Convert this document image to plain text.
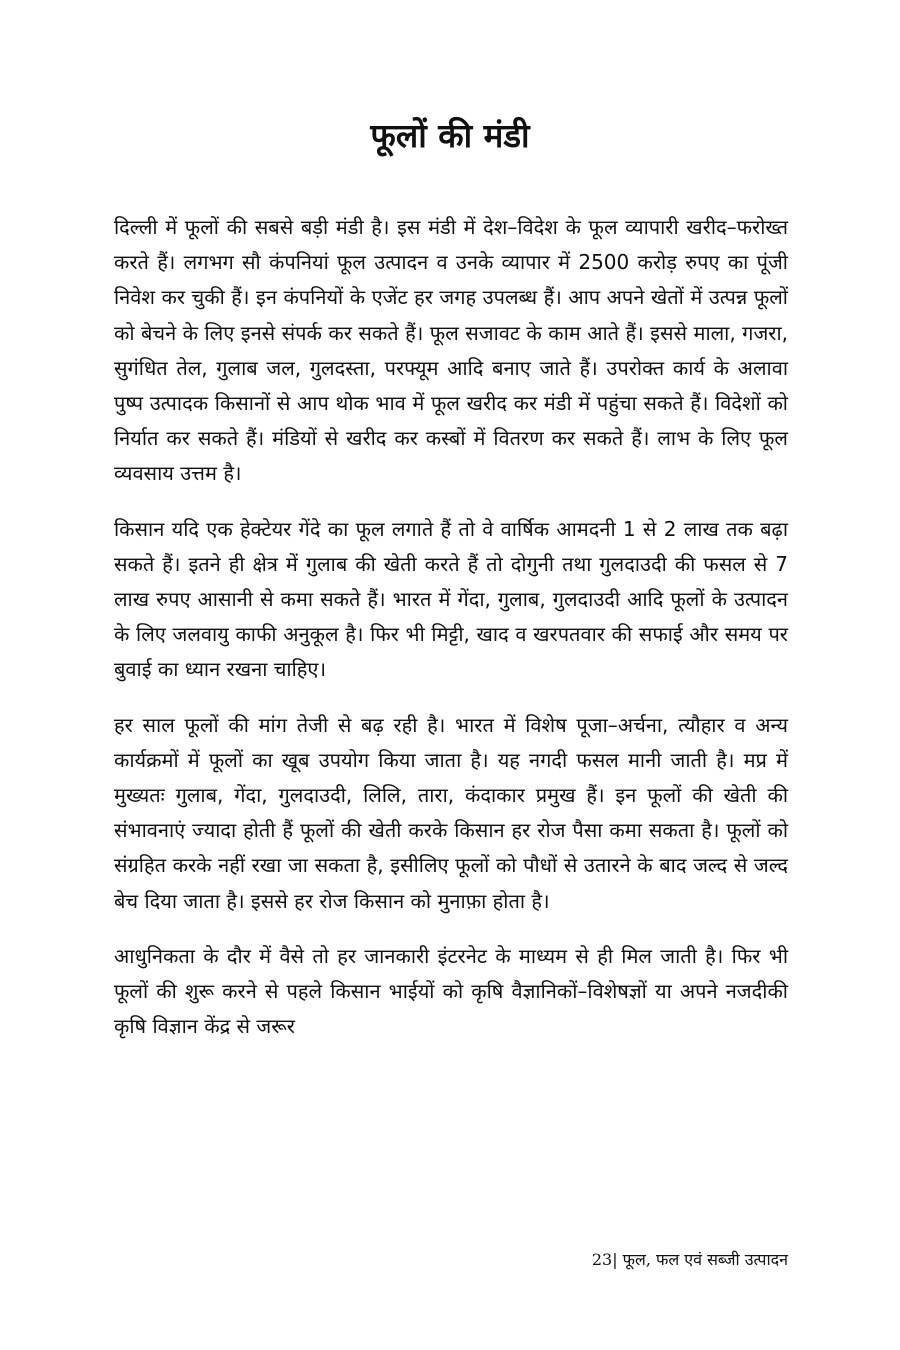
फूलों की मंडी

दिल्ली में फूलों की सबसे बड़ी मंडी है। इस मंडी में देश–विदेश के फूल व्यापारी खरीद–फरोख्त करते हैं। लगभग सौ कंपनियां फूल उत्पादन व उनके व्यापार में 2500 करोड़ रुपए का पूंजी निवेश कर चुकी हैं। इन कंपनियों के एजेंट हर जगह उपलब्ध हैं। आप अपने खेतों में उत्पन्न फूलों को बेचने के लिए इनसे संपर्क कर सकते हैं। फूल सजावट के काम आते हैं। इससे माला, गजरा, सुगंधित तेल, गुलाब जल, गुलदस्ता, परफ्यूम आदि बनाए जाते हैं। उपरोक्त कार्य के अलावा पुष्प उत्पादक किसानों से आप थोक भाव में फूल खरीद कर मंडी में पहुंचा सकते हैं। विदेशों को निर्यात कर सकते हैं। मंडियों से खरीद कर कस्बों में वितरण कर सकते हैं। लाभ के लिए फूल व्यवसाय उत्तम है।

किसान यदि एक हेक्टेयर गेंदे का फूल लगाते हैं तो वे वार्षिक आमदनी 1 से 2 लाख तक बढ़ा सकते हैं। इतने ही क्षेत्र में गुलाब की खेती करते हैं तो दोगुनी तथा गुलदाउदी की फसल से 7 लाख रुपए आसानी से कमा सकते हैं। भारत में गेंदा, गुलाब, गुलदाउदी आदि फूलों के उत्पादन के लिए जलवायु काफी अनुकूल है। फिर भी मिट्टी, खाद व खरपतवार की सफाई और समय पर बुवाई का ध्यान रखना चाहिए।

हर साल फूलों की मांग तेजी से बढ़ रही है। भारत में विशेष पूजा–अर्चना, त्यौहार व अन्य कार्यक्रमों में फूलों का खूब उपयोग किया जाता है। यह नगदी फसल मानी जाती है। मप्र में मुख्यतः गुलाब, गेंदा, गुलदाउदी, लिलि, तारा, कंदाकार प्रमुख हैं। इन फूलों की खेती की संभावनाएं ज्यादा होती हैं फूलों की खेती करके किसान हर रोज पैसा कमा सकता है। फूलों को संग्रहित करके नहीं रखा जा सकता है, इसीलिए फूलों को पौधों से उतारने के बाद जल्द से जल्द बेच दिया जाता है। इससे हर रोज किसान को मुनाफ़ा होता है।

आधुनिकता के दौर में वैसे तो हर जानकारी इंटरनेट के माध्यम से ही मिल जाती है। फिर भी फूलों की शुरू करने से पहले किसान भाईयों को कृषि वैज्ञानिकों–विशेषज्ञों या अपने नजदीकी कृषि विज्ञान केंद्र से जरूर

23| फूल, फल एवं सब्जी उत्पादन
